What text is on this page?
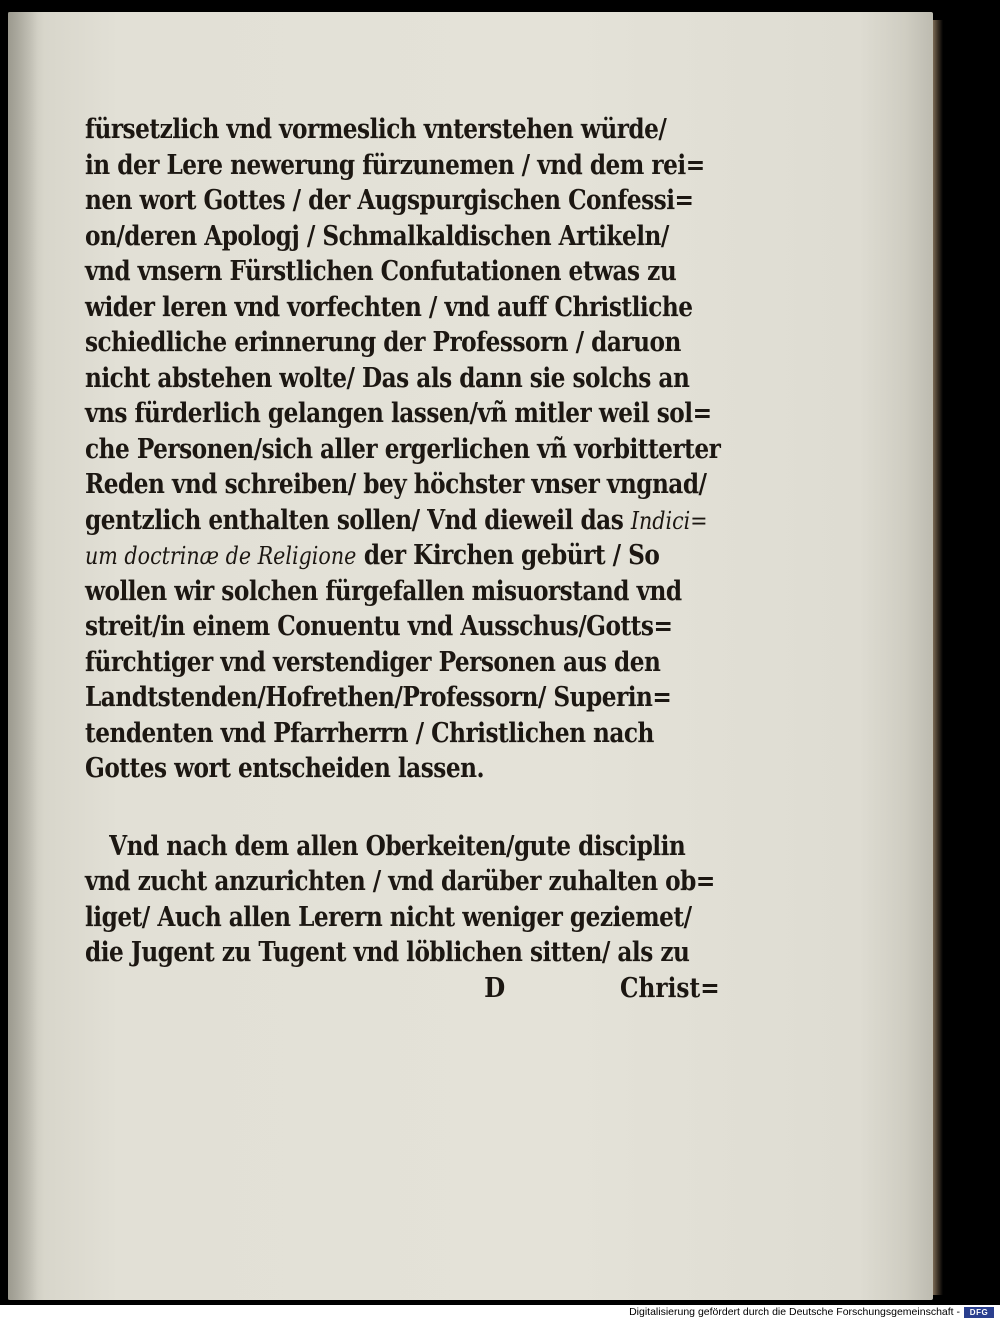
fürsetzlich vnd vormeslich vnterstehen würde/
in der Lere newerung fürzunemen / vnd dem rei=
nen wort Gottes / der Augspurgischen Confessi=
on/deren Apologj / Schmalkaldischen Artikeln/
vnd vnsern Fürstlichen Confutationen etwas zu
wider leren vnd vorfechten / vnd auff Christliche
schiedliche erinnerung der Professorn / daruon
nicht abstehen wolte/ Das als dann sie solchs an
vns fürderlich gelangen lassen/vñ mitler weil sol=
che Personen/sich aller ergerlichen vñ vorbitterter
Reden vnd schreiben/ bey höchster vnser vngnad/
gentzlich enthalten sollen/ Vnd dieweil das Indici=
um doctrinæ de Religione der Kirchen gebürt / So
wollen wir solchen fürgefallen misuorstand vnd
streit/in einem Conuentu vnd Ausschus/Gotts=
fürchtiger vnd verstendiger Personen aus den
Landtstenden/Hofrethen/Professorn/ Superin=
tendenten vnd Pfarrherrn / Christlichen nach
Gottes wort entscheiden lassen.
Vnd nach dem allen Oberkeiten/gute disciplin
vnd zucht anzurichten / vnd darüber zuhalten ob=
liget/ Auch allen Lerern nicht weniger geziemet/
die Jugent zu Tugent vnd löblichen sitten/ als zu
D	Christ=
Digitalisierung gefördert durch die Deutsche Forschungsgemeinschaft -	DFG
